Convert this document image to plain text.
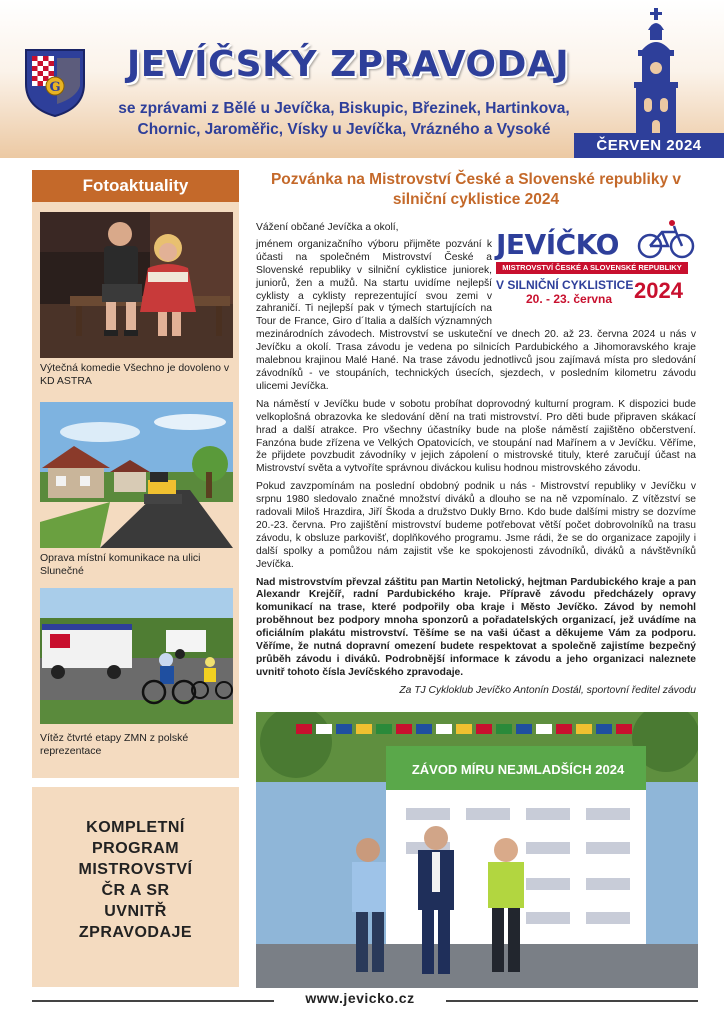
G
JEVÍČSKÝ ZPRAVODAJ
se zprávami z Bělé u Jevíčka, Biskupic, Březinek, Hartinkova, Chornic, Jaroměřic, Vísky u Jevíčka, Vrázného a Vysoké
ČERVEN 2024
Fotoaktuality
Výtečná komedie Všechno je dovoleno v KD ASTRA
Oprava místní komunikace na ulici Slunečné
Vítěz čtvrté etapy ZMN z polské reprezentace
KOMPLETNÍ
PROGRAM
MISTROVSTVÍ
ČR A SR
UVNITŘ
ZPRAVODAJE
Pozvánka na Mistrovství České a Slovenské republiky v silniční cyklistice 2024
JEVÍČKO
MISTROVSTVÍ ČESKÉ A SLOVENSKÉ REPUBLIKY
V SILNIČNÍ CYKLISTICE
20. - 23. června 2024

Vážení občané Jevíčka a okolí,

jménem organizačního výboru přijměte pozvání k účasti na společném Mistrovství České a Slovenské republiky v silniční cyklistice juniorek, juniorů, žen a mužů. Na startu uvidíme nejlepší cyklisty a cyklisty reprezentující svou zemi v zahraničí. Ti nejlepší pak v týmech startujících na Tour de France, Giro d´Italia a dalších významných mezinárodních závodech. Mistrovství se uskuteční ve dnech 20. až 23. června 2024 u nás v Jevíčku a okolí. Trasa závodu je vedena po silnicích Pardubického a Jihomoravského kraje malebnou krajinou Malé Hané. Na trase závodu jednotlivců jsou zajímavá místa pro sledování závodníků - ve stoupáních, technických úsecích, sjezdech, v posledním kilometru závodu ulicemi Jevíčka.

Na náměstí v Jevíčku bude v sobotu probíhat doprovodný kulturní program. K dispozici bude velkoplošná obrazovka ke sledování dění na trati mistrovství. Pro děti bude připraven skákací hrad a další atrakce. Pro všechny účastníky bude na ploše náměstí zajištěno občerstvení. Fanzóna bude zřízena ve Velkých Opatovicích, ve stoupání nad Mařínem a v Jevíčku. Věříme, že přijdete povzbudit závodníky v jejich zápolení o mistrovské tituly, které zaručují účast na Mistrovství světa a vytvoříte správnou diváckou kulisu hodnou mistrovského závodu.

Pokud zavzpomínám na poslední obdobný podnik u nás - Mistrovství republiky v Jevíčku v srpnu 1980 sledovalo značné množství diváků a dlouho se na ně vzpomínalo. Z vítězství se radovali Miloš Hrazdira, Jiří Škoda a družstvo Dukly Brno. Kdo bude dalšími mistry se dozvíme 20.-23. června. Pro zajištění mistrovství budeme potřebovat větší počet dobrovolníků na trasu závodu, k obsluze parkovišť, doplňkového programu. Jsme rádi, že se do organizace zapojily i další spolky a pomůžou nám zajistit vše ke spokojenosti závodníků, diváků a návštěvníků Jevíčka.

Nad mistrovstvím převzal záštitu pan Martin Netolický, hejtman Pardubického kraje a pan Alexandr Krejčíř, radní Pardubického kraje. Přípravě závodu předcházely opravy komunikací na trase, které podpořily oba kraje i Město Jevíčko. Závod by nemohl proběhnout bez podpory mnoha sponzorů a pořadatelských organizací, jež uvádíme na oficiálním plakátu mistrovství. Těšíme se na vaši účast a děkujeme Vám za podporu. Věříme, že nutná dopravní omezení budete respektovat a společně zajistíme bezpečný průběh závodu i diváků. Podrobnější informace k závodu a jeho organizaci naleznete uvnitř tohoto čísla Jevíčského zpravodaje.

Za TJ Cykloklub Jevíčko Antonín Dostál, sportovní ředitel závodu

ZÁVOD MÍRU NEJMLADŠÍCH 2024
www.jevicko.cz
